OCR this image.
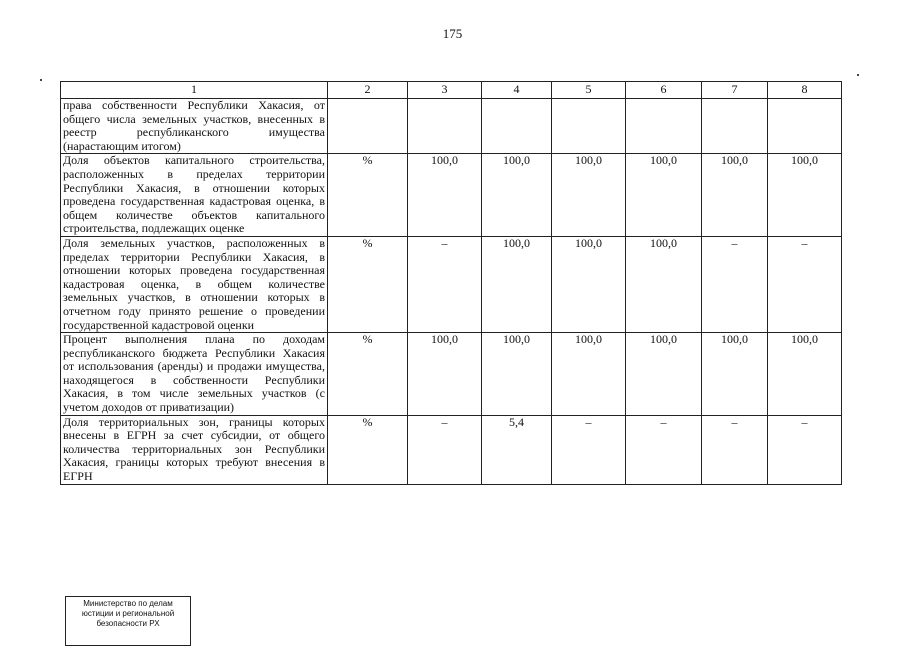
175
1	2	3	4	5	6	7	8
права собственности Республики Хакасия, от общего числа земельных участков, внесенных в реестр республиканского имущества (нарастающим итогом)							
Доля объектов капитального строительства, расположенных в пределах территории Республики Хакасия, в отношении которых проведена государственная кадастровая оценка, в общем количестве объектов капитального строительства, подлежащих оценке	%	100,0	100,0	100,0	100,0	100,0	100,0
Доля земельных участков, расположенных в пределах территории Республики Хакасия, в отношении которых проведена государственная кадастровая оценка, в общем количестве земельных участков, в отношении которых в отчетном году принято решение о проведении государственной кадастровой оценки	%	–	100,0	100,0	100,0	–	–
Процент выполнения плана по доходам республиканского бюджета Республики Хакасия от использования (аренды) и продажи имущества, находящегося в собственности Республики Хакасия, в том числе земельных участков (с учетом доходов от приватизации)	%	100,0	100,0	100,0	100,0	100,0	100,0
Доля территориальных зон, границы которых внесены в ЕГРН за счет субсидии, от общего количества территориальных зон Республики Хакасия, границы которых требуют внесения в ЕГРН	%	–	5,4	–	–	–	–
Министерство по делам
юстиции и региональной
безопасности РХ
